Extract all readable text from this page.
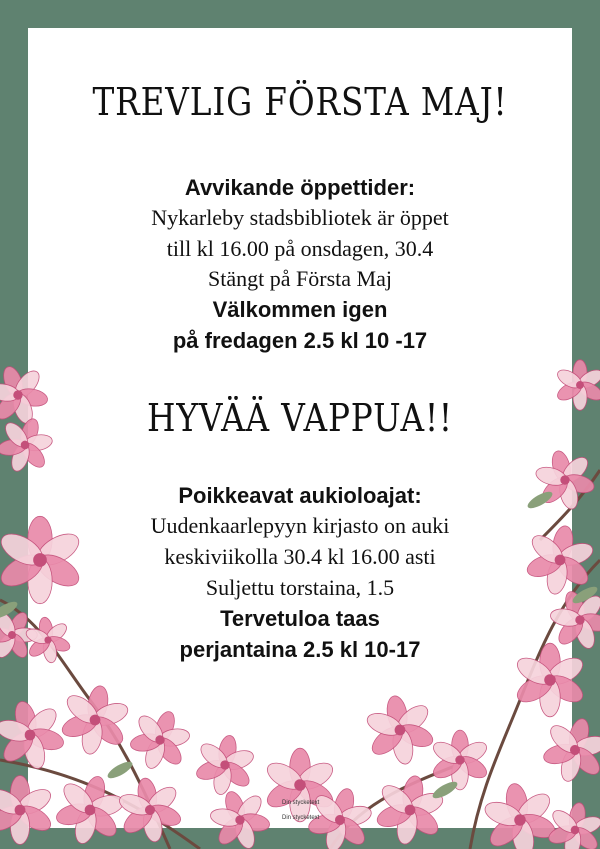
TREVLIG FÖRSTA MAJ!
Avvikande öppettider:
Nykarleby stadsbibliotek är öppet
till kl 16.00 på onsdagen, 30.4
Stängt på Första Maj
Välkommen igen
på fredagen 2.5 kl 10 -17
HYVÄÄ VAPPUA!!
Poikkeavat aukioloajat:
Uudenkaarlepyyn kirjasto on auki
keskiviikolla 30.4 kl 16.00 asti
Suljettu torstaina, 1.5
Tervetuloa taas
perjantaina 2.5 kl 10-17
Din stycketext
Din stycketext
